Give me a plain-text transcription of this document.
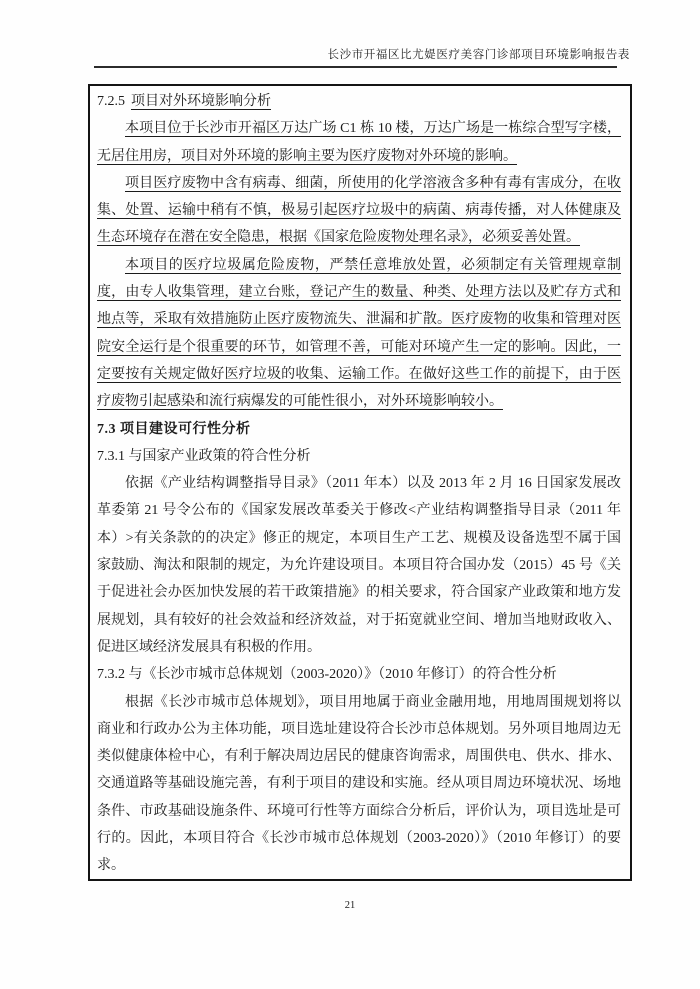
长沙市开福区比尤媞医疗美容门诊部项目环境影响报告表
7.2.5 项目对外环境影响分析

本项目位于长沙市开福区万达广场 C1 栋 10 楼，万达广场是一栋综合型写字楼，无居住用房，项目对外环境的影响主要为医疗废物对外环境的影响。

项目医疗废物中含有病毒、细菌，所使用的化学溶液含多种有毒有害成分，在收集、处置、运输中稍有不慎，极易引起医疗垃圾中的病菌、病毒传播，对人体健康及生态环境存在潜在安全隐患，根据《国家危险废物处理名录》，必须妥善处置。

本项目的医疗垃圾属危险废物，严禁任意堆放处置，必须制定有关管理规章制度，由专人收集管理，建立台账，登记产生的数量、种类、处理方法以及贮存方式和地点等，采取有效措施防止医疗废物流失、泄漏和扩散。医疗废物的收集和管理对医院安全运行是个很重要的环节，如管理不善，可能对环境产生一定的影响。因此，一定要按有关规定做好医疗垃圾的收集、运输工作。在做好这些工作的前提下，由于医疗废物引起感染和流行病爆发的可能性很小，对外环境影响较小。

7.3 项目建设可行性分析
7.3.1 与国家产业政策的符合性分析

依据《产业结构调整指导目录》（2011 年本）以及 2013 年 2 月 16 日国家发展改革委第 21 号令公布的《国家发展改革委关于修改<产业结构调整指导目录（2011 年本）>有关条款的的决定》修正的规定，本项目生产工艺、规模及设备选型不属于国家鼓励、淘汰和限制的规定，为允许建设项目。本项目符合国办发（2015）45 号《关于促进社会办医加快发展的若干政策措施》的相关要求，符合国家产业政策和地方发展规划，具有较好的社会效益和经济效益，对于拓宽就业空间、增加当地财政收入、促进区域经济发展具有积极的作用。

7.3.2 与《长沙市城市总体规划（2003-2020）》（2010 年修订）的符合性分析

根据《长沙市城市总体规划》，项目用地属于商业金融用地，用地周围规划将以商业和行政办公为主体功能，项目选址建设符合长沙市总体规划。另外项目地周边无类似健康体检中心，有利于解决周边居民的健康咨询需求，周围供电、供水、排水、交通道路等基础设施完善，有利于项目的建设和实施。经从项目周边环境状况、场地条件、市政基础设施条件、环境可行性等方面综合分析后，评价认为，项目选址是可行的。因此，本项目符合《长沙市城市总体规划（2003-2020）》（2010 年修订）的要求。

21
